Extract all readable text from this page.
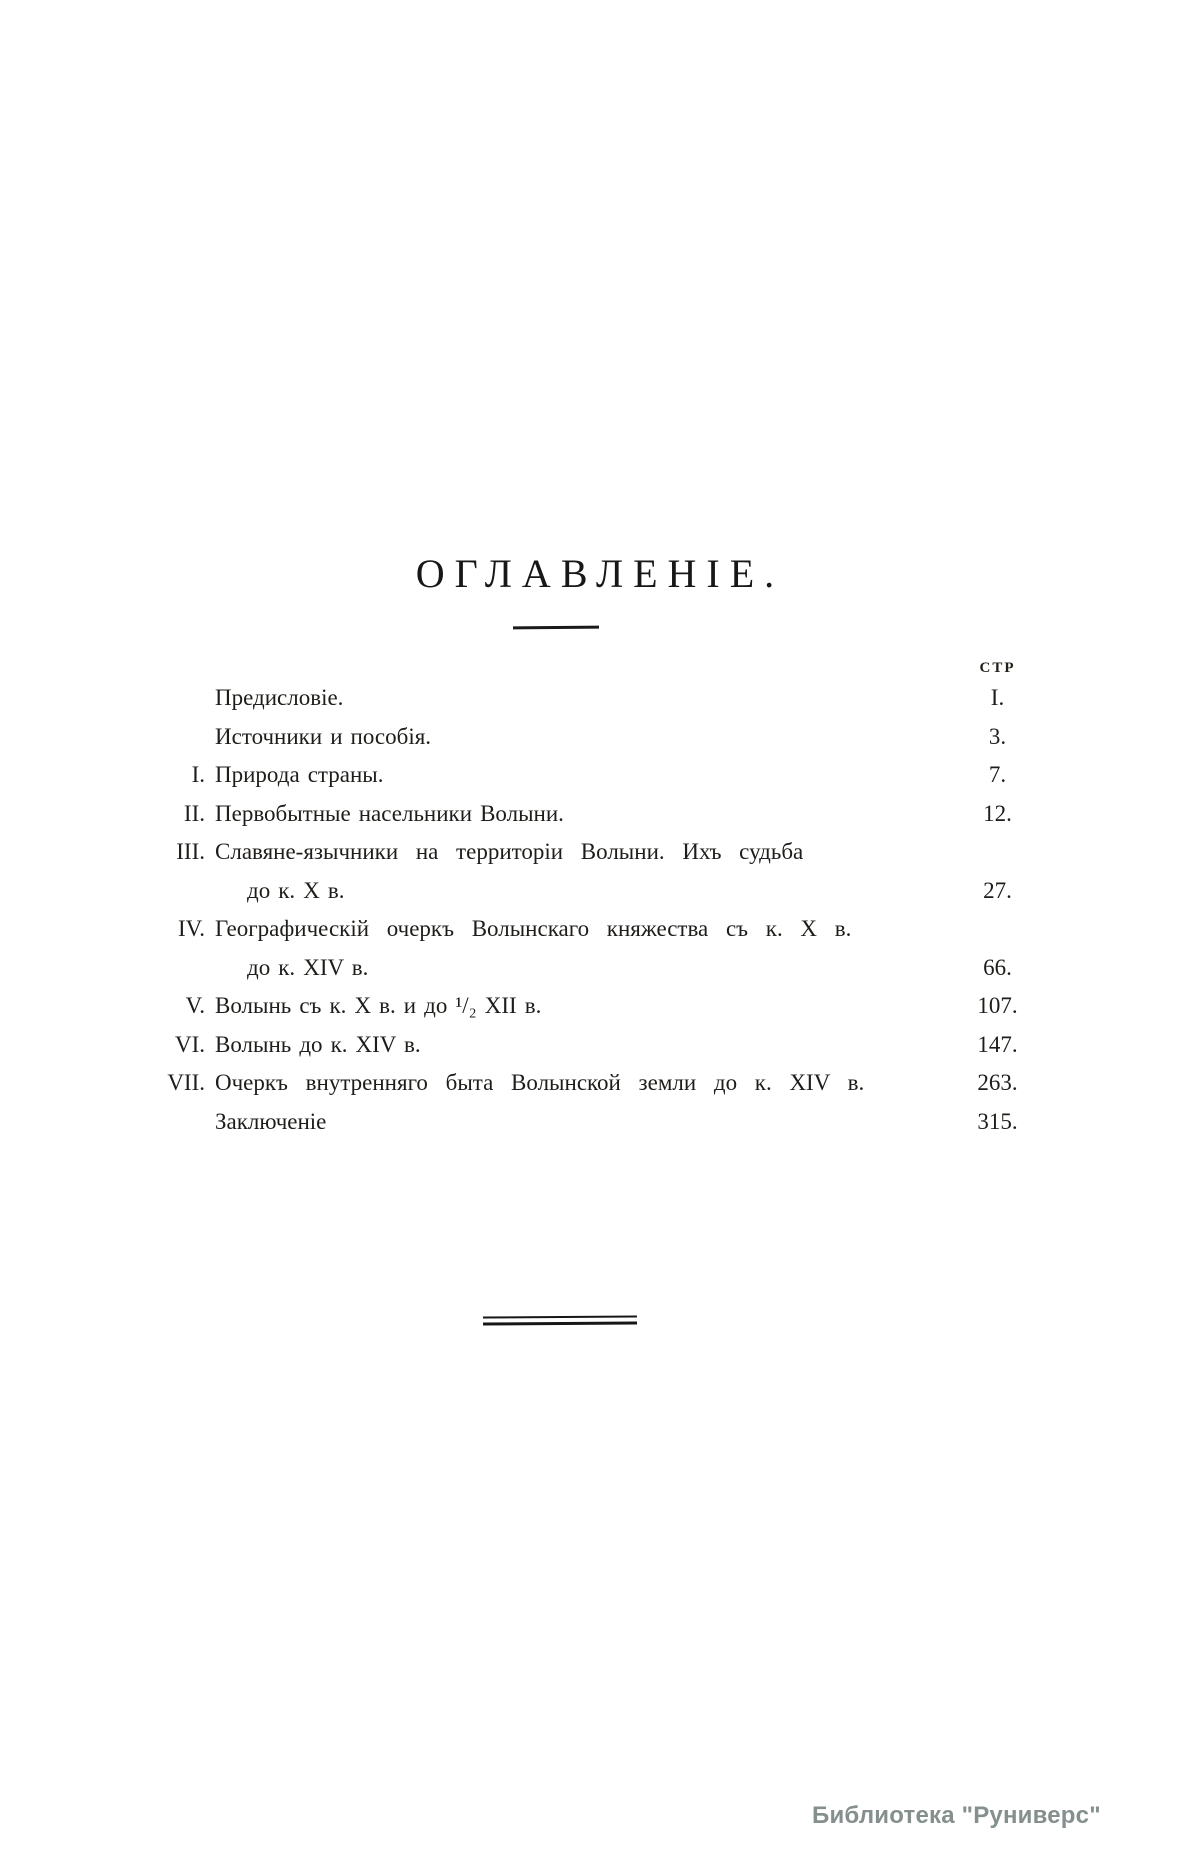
ОГЛАВЛЕНІЕ.
СТР
Предисловіе.	I.
Источники и пособія.	3.
I. Природа страны.	7.
II. Первобытные насельники Волыни.	12.
III. Славяне-язычники на территоріи Волыни. Ихъ судьба
до к. X в.	27.
IV. Географическій очеркъ Волынскаго княжества съ к. X в.
до к. XIV в.	66.
V. Волынь съ к. X в. и до ¹/₂ XII в.	107.
VI. Волынь до к. XIV в.	147.
VII. Очеркъ внутренняго быта Волынской земли до к. XIV в.	263.
Заключеніе	315.
Библиотека "Руниверс"
